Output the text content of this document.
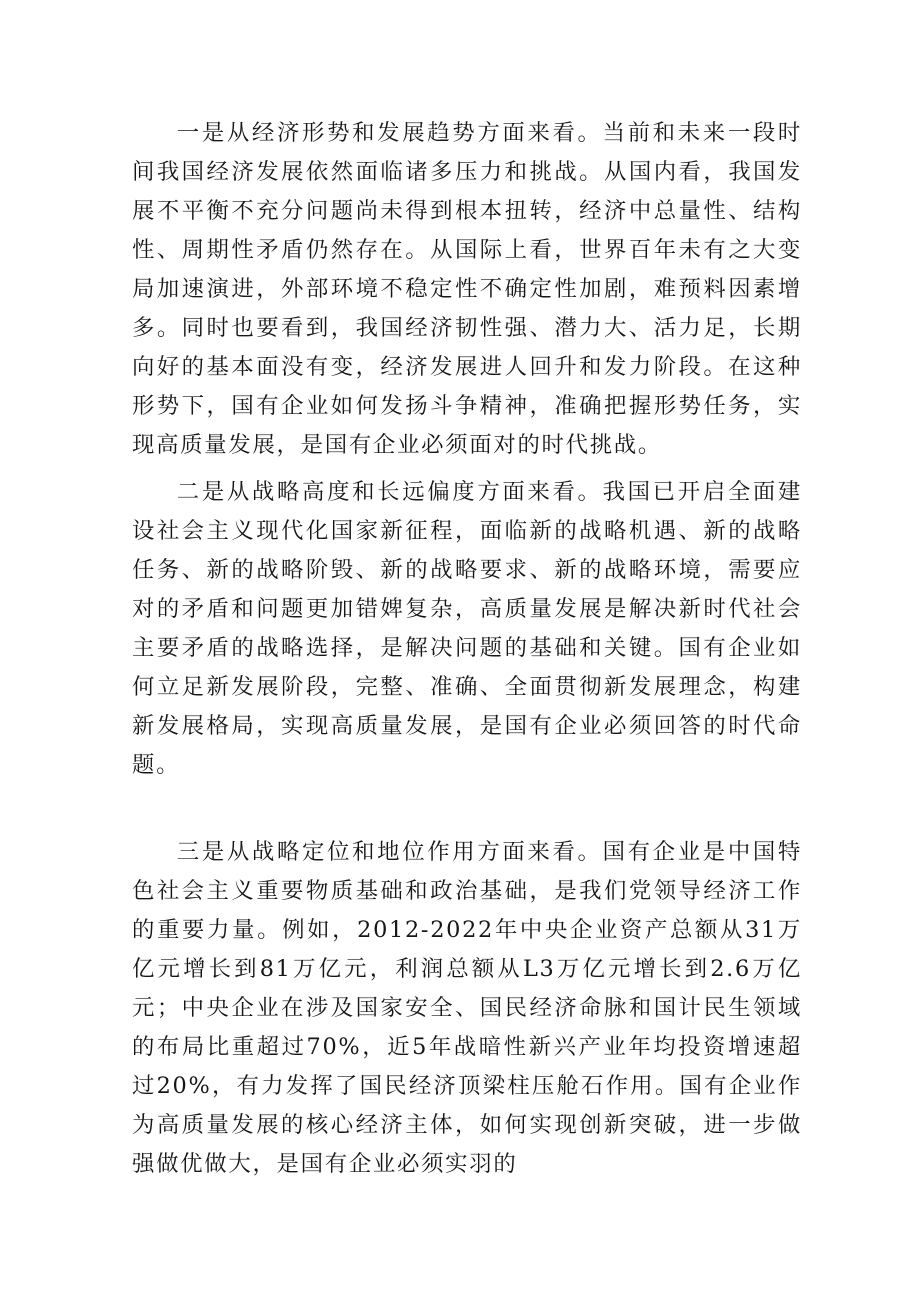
一是从经济形势和发展趋势方面来看。当前和未来一段时间我国经济发展依然面临诸多压力和挑战。从国内看，我国发展不平衡不充分问题尚未得到根本扭转，经济中总量性、结构性、周期性矛盾仍然存在。从国际上看，世界百年未有之大变局加速演进，外部环境不稳定性不确定性加剧，难预料因素增多。同时也要看到，我国经济韧性强、潜力大、活力足，长期向好的基本面没有变，经济发展进人回升和发力阶段。在这种形势下，国有企业如何发扬斗争精神，准确把握形势任务，实现高质量发展，是国有企业必须面对的时代挑战。

二是从战略高度和长远偏度方面来看。我国已开启全面建设社会主义现代化国家新征程，面临新的战略机遇、新的战略任务、新的战略阶毁、新的战略要求、新的战略环境，需要应对的矛盾和问题更加错婢复杂，高质量发展是解决新时代社会主要矛盾的战略选择，是解决问题的基础和关键。国有企业如何立足新发展阶段，完整、准确、全面贯彻新发展理念，构建新发展格局，实现高质量发展，是国有企业必须回答的时代命题。

三是从战略定位和地位作用方面来看。国有企业是中国特色社会主义重要物质基础和政治基础，是我们党领导经济工作的重要力量。例如，2012-2022年中央企业资产总额从31万亿元增长到81万亿元，利润总额从L3万亿元增长到2.6万亿元；中央企业在涉及国家安全、国民经济命脉和国计民生领域的布局比重超过70%，近5年战暗性新兴产业年均投资增速超过20%，有力发挥了国民经济顶梁柱压舱石作用。国有企业作为高质量发展的核心经济主体，如何实现创新突破，进一步做强做优做大，是国有企业必须实羽的
